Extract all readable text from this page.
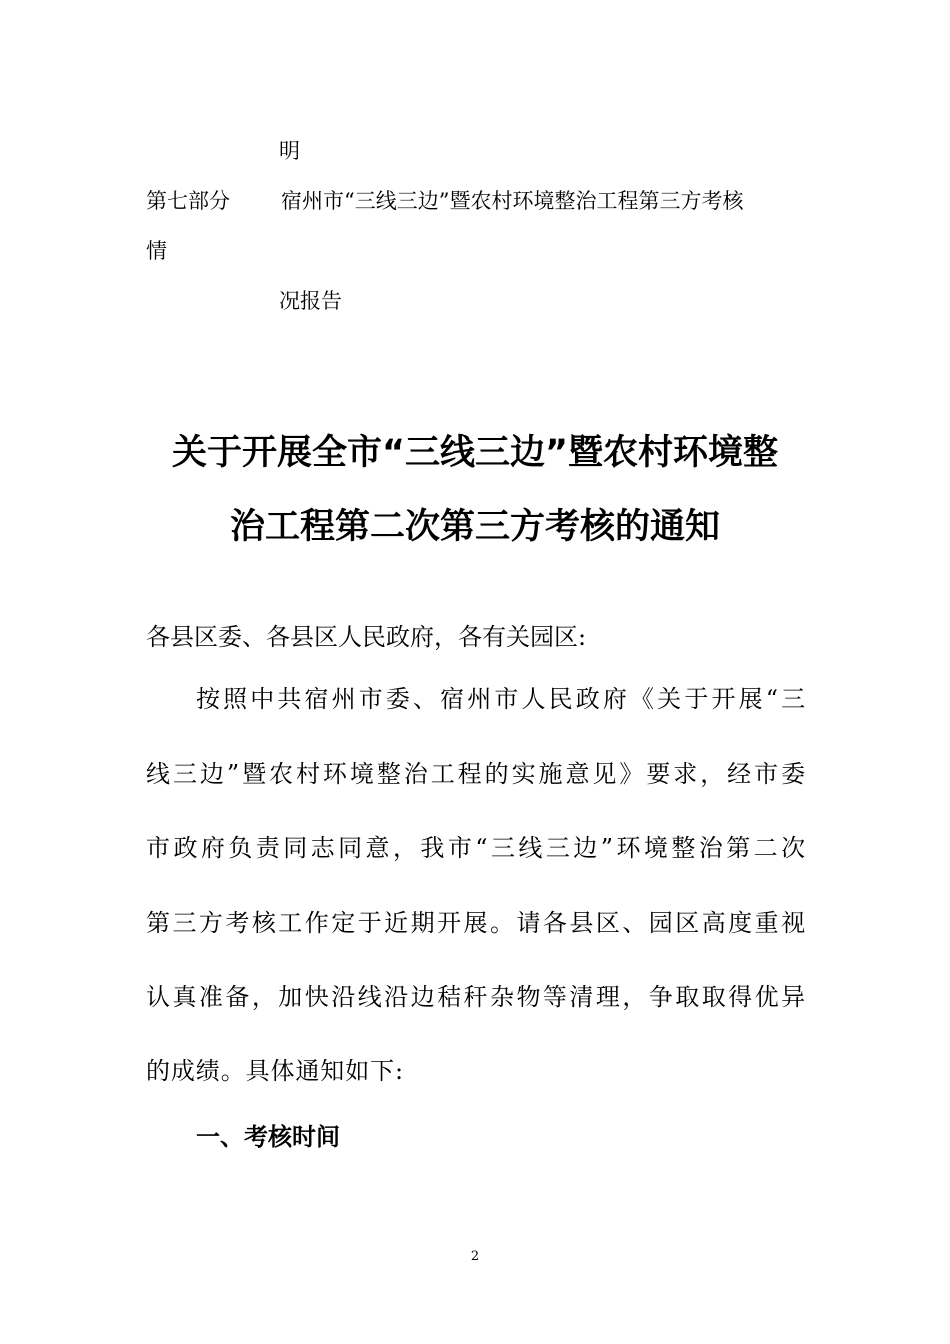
明
第七部分 宿州市“三线三边”暨农村环境整治工程第三方考核
情
况报告
关于开展全市“三线三边”暨农村环境整
治工程第二次第三方考核的通知
各县区委、各县区人民政府，各有关园区:
按照中共宿州市委、宿州市人民政府《关于开展“三
线三边”暨农村环境整治工程的实施意见》要求，经市委
市政府负责同志同意，我市“三线三边”环境整治第二次
第三方考核工作定于近期开展。请各县区、园区高度重视
认真准备，加快沿线沿边秸秆杂物等清理，争取取得优异
的成绩。具体通知如下:
一、考核时间
2
